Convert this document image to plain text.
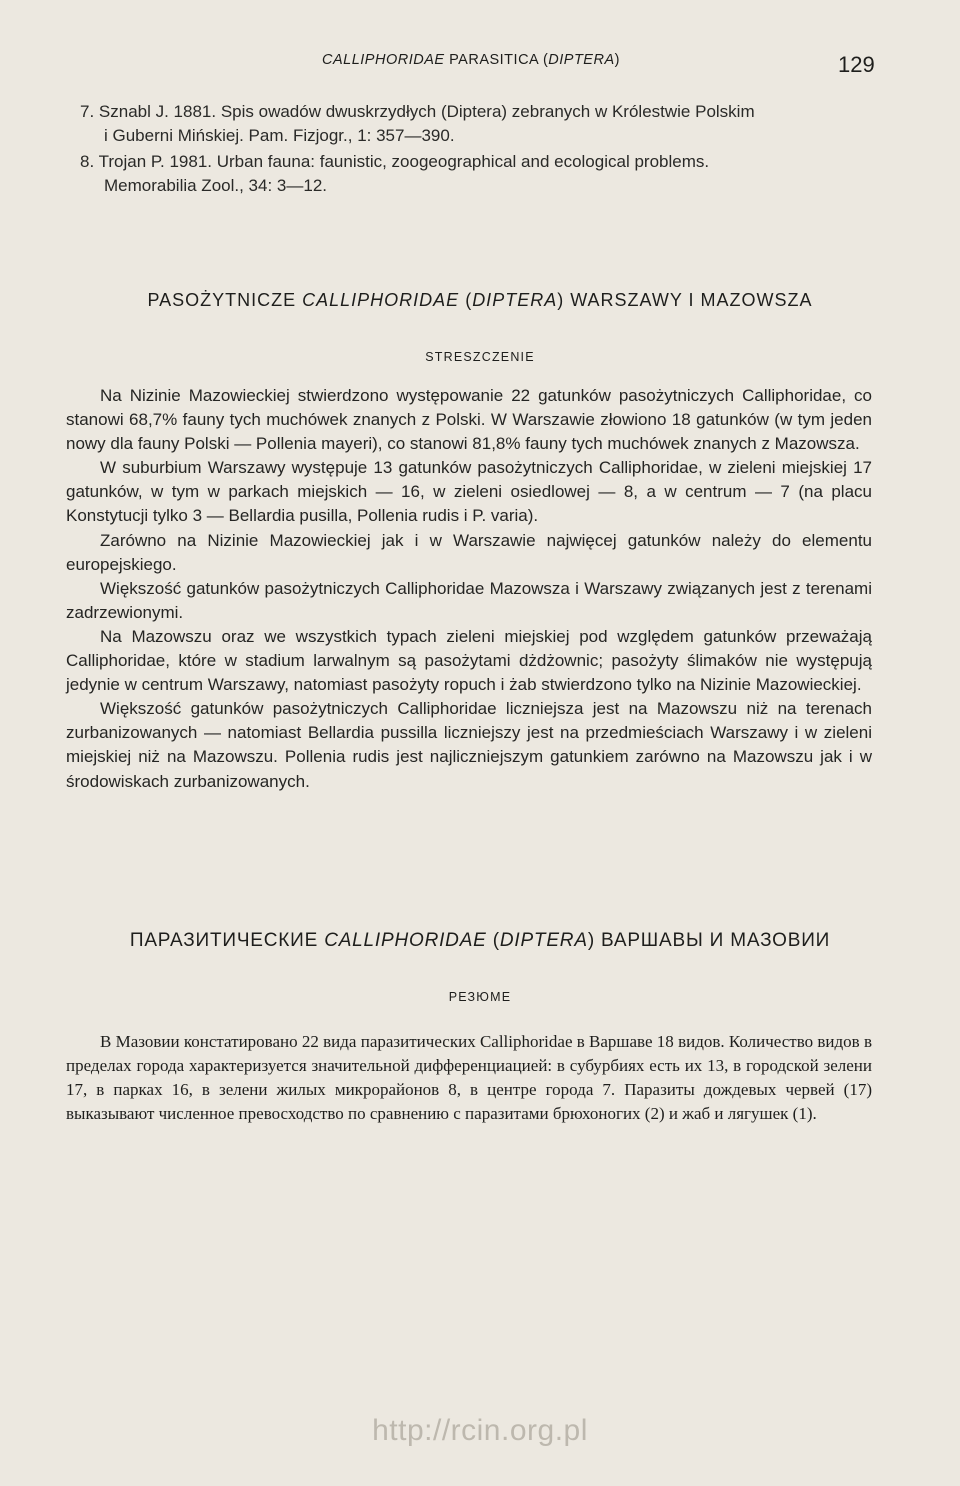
CALLIPHORIDAE PARASITICA (DIPTERA)	129
7. Sznabl J. 1881. Spis owadów dwuskrzydłych (Diptera) zebranych w Królestwie Polskim
i Guberni Mińskiej. Pam. Fizjogr., 1: 357—390.
8. Trojan P. 1981. Urban fauna: faunistic, zoogeographical and ecological problems.
Memorabilia Zool., 34: 3—12.
PASOŻYTNICZE CALLIPHORIDAE (DIPTERA) WARSZAWY I MAZOWSZA
STRESZCZENIE

Na Nizinie Mazowieckiej stwierdzono występowanie 22 gatunków pasożytniczych Calliphoridae, co stanowi 68,7% fauny tych muchówek znanych z Polski. W Warszawie złowiono 18 gatunków (w tym jeden nowy dla fauny Polski — Pollenia mayeri), co stanowi 81,8% fauny tych muchówek znanych z Mazowsza.

W suburbium Warszawy występuje 13 gatunków pasożytniczych Calliphoridae, w zieleni miejskiej 17 gatunków, w tym w parkach miejskich — 16, w zieleni osiedlowej — 8, a w centrum — 7 (na placu Konstytucji tylko 3 — Bellardia pusilla, Pollenia rudis i P. varia).

Zarówno na Nizinie Mazowieckiej jak i w Warszawie najwięcej gatunków należy do elementu europejskiego.

Większość gatunków pasożytniczych Calliphoridae Mazowsza i Warszawy związanych jest z terenami zadrzewionymi.

Na Mazowszu oraz we wszystkich typach zieleni miejskiej pod względem gatunków przeważają Calliphoridae, które w stadium larwalnym są pasożytami dżdżownic; pasożyty ślimaków nie występują jedynie w centrum Warszawy, natomiast pasożyty ropuch i żab stwierdzono tylko na Nizinie Mazowieckiej.

Większość gatunków pasożytniczych Calliphoridae liczniejsza jest na Mazowszu niż na terenach zurbanizowanych — natomiast Bellardia pussilla liczniejszy jest na przedmieściach Warszawy i w zieleni miejskiej niż na Mazowszu. Pollenia rudis jest najliczniejszym gatunkiem zarówno na Mazowszu jak i w środowiskach zurbanizowanych.

ПАРАЗИТИЧЕСКИЕ CALLIPHORIDAE (DIPTERA) ВАРШАВЫ И МАЗОВИИ
РЕЗЮМЕ

В Мазовии констатировано 22 вида паразитических Calliphoridae в Варшаве 18 видов. Количество видов в пределах города характеризуется значительной дифференциацией: в субурбиях есть их 13, в городской зелени 17, в парках 16, в зелени жилых микрорайонов 8, в центре города 7. Паразиты дождевых червей (17) выказывают численное превосходство по сравнению с паразитами брюхоногих (2) и жаб и лягушек (1).

http://rcin.org.pl
